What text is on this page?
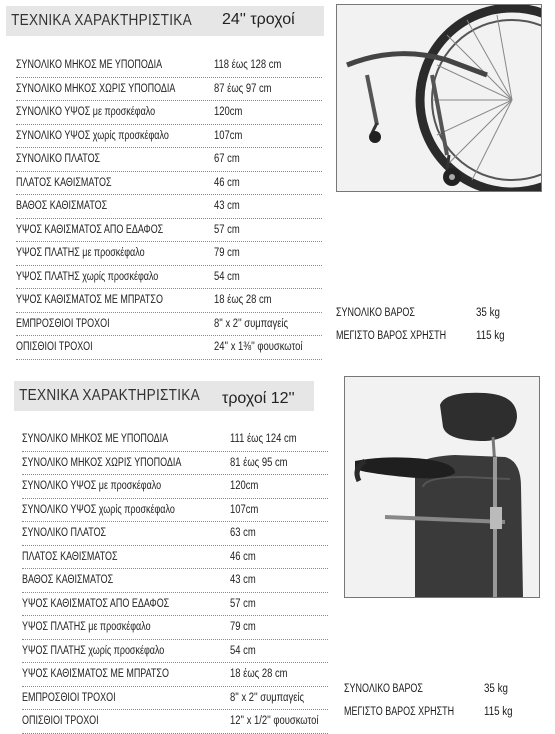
ΤΕΧΝΙΚΑ ΧΑΡΑΚΤΗΡΙΣΤΙΚΑ 24'' τροχοί
ΣΥΝΟΛΙΚΟ ΜΗΚΟΣ ΜΕ ΥΠΟΠΟΔΙΑ	118 έως 128 cm
ΣΥΝΟΛΙΚΟ ΜΗΚΟΣ ΧΩΡΙΣ ΥΠΟΠΟΔΙΑ	87 έως 97 cm
ΣΥΝΟΛΙΚΟ ΥΨΟΣ με προσκέφαλο	120cm
ΣΥΝΟΛΙΚΟ ΥΨΟΣ χωρίς προσκέφαλο	107cm
ΣΥΝΟΛΙΚΟ ΠΛΑΤΟΣ	67 cm
ΠΛΑΤΟΣ ΚΑΘΙΣΜΑΤΟΣ	46 cm
ΒΑΘΟΣ ΚΑΘΙΣΜΑΤΟΣ	43 cm
ΥΨΟΣ ΚΑΘΙΣΜΑΤΟΣ ΑΠΟ ΕΔΑΦΟΣ	57 cm
ΥΨΟΣ ΠΛΑΤΗΣ με προσκέφαλο	79 cm
ΥΨΟΣ ΠΛΑΤΗΣ χωρίς προσκέφαλο	54 cm
ΥΨΟΣ ΚΑΘΙΣΜΑΤΟΣ ΜΕ ΜΠΡΑΤΣΟ	18 έως 28 cm
ΕΜΠΡΟΣΘΙΟΙ ΤΡΟΧΟΙ	8'' x 2'' συμπαγείς
ΟΠΙΣΘΙΟΙ ΤΡΟΧΟΙ	24'' x 1⅜'' φουσκωτοί
ΣΥΝΟΛΙΚΟ ΒΑΡΟΣ	35 kg
ΜΕΓΙΣΤΟ ΒΑΡΟΣ ΧΡΗΣΤΗ	115 kg
ΤΕΧΝΙΚΑ ΧΑΡΑΚΤΗΡΙΣΤΙΚΑ τροχοί 12''
ΣΥΝΟΛΙΚΟ ΜΗΚΟΣ ΜΕ ΥΠΟΠΟΔΙΑ	111 έως 124 cm
ΣΥΝΟΛΙΚΟ ΜΗΚΟΣ ΧΩΡΙΣ ΥΠΟΠΟΔΙΑ	81 έως 95 cm
ΣΥΝΟΛΙΚΟ ΥΨΟΣ με προσκέφαλο	120cm
ΣΥΝΟΛΙΚΟ ΥΨΟΣ χωρίς προσκέφαλο	107cm
ΣΥΝΟΛΙΚΟ ΠΛΑΤΟΣ	63 cm
ΠΛΑΤΟΣ ΚΑΘΙΣΜΑΤΟΣ	46 cm
ΒΑΘΟΣ ΚΑΘΙΣΜΑΤΟΣ	43 cm
ΥΨΟΣ ΚΑΘΙΣΜΑΤΟΣ ΑΠΟ ΕΔΑΦΟΣ	57 cm
ΥΨΟΣ ΠΛΑΤΗΣ με προσκέφαλο	79 cm
ΥΨΟΣ ΠΛΑΤΗΣ χωρίς προσκέφαλο	54 cm
ΥΨΟΣ ΚΑΘΙΣΜΑΤΟΣ ΜΕ ΜΠΡΑΤΣΟ	18 έως 28 cm
ΕΜΠΡΟΣΘΙΟΙ ΤΡΟΧΟΙ	8'' x 2'' συμπαγείς
ΟΠΙΣΘΙΟΙ ΤΡΟΧΟΙ	12'' x 1/2'' φουσκωτοί
ΣΥΝΟΛΙΚΟ ΒΑΡΟΣ	35 kg
ΜΕΓΙΣΤΟ ΒΑΡΟΣ ΧΡΗΣΤΗ	115 kg
